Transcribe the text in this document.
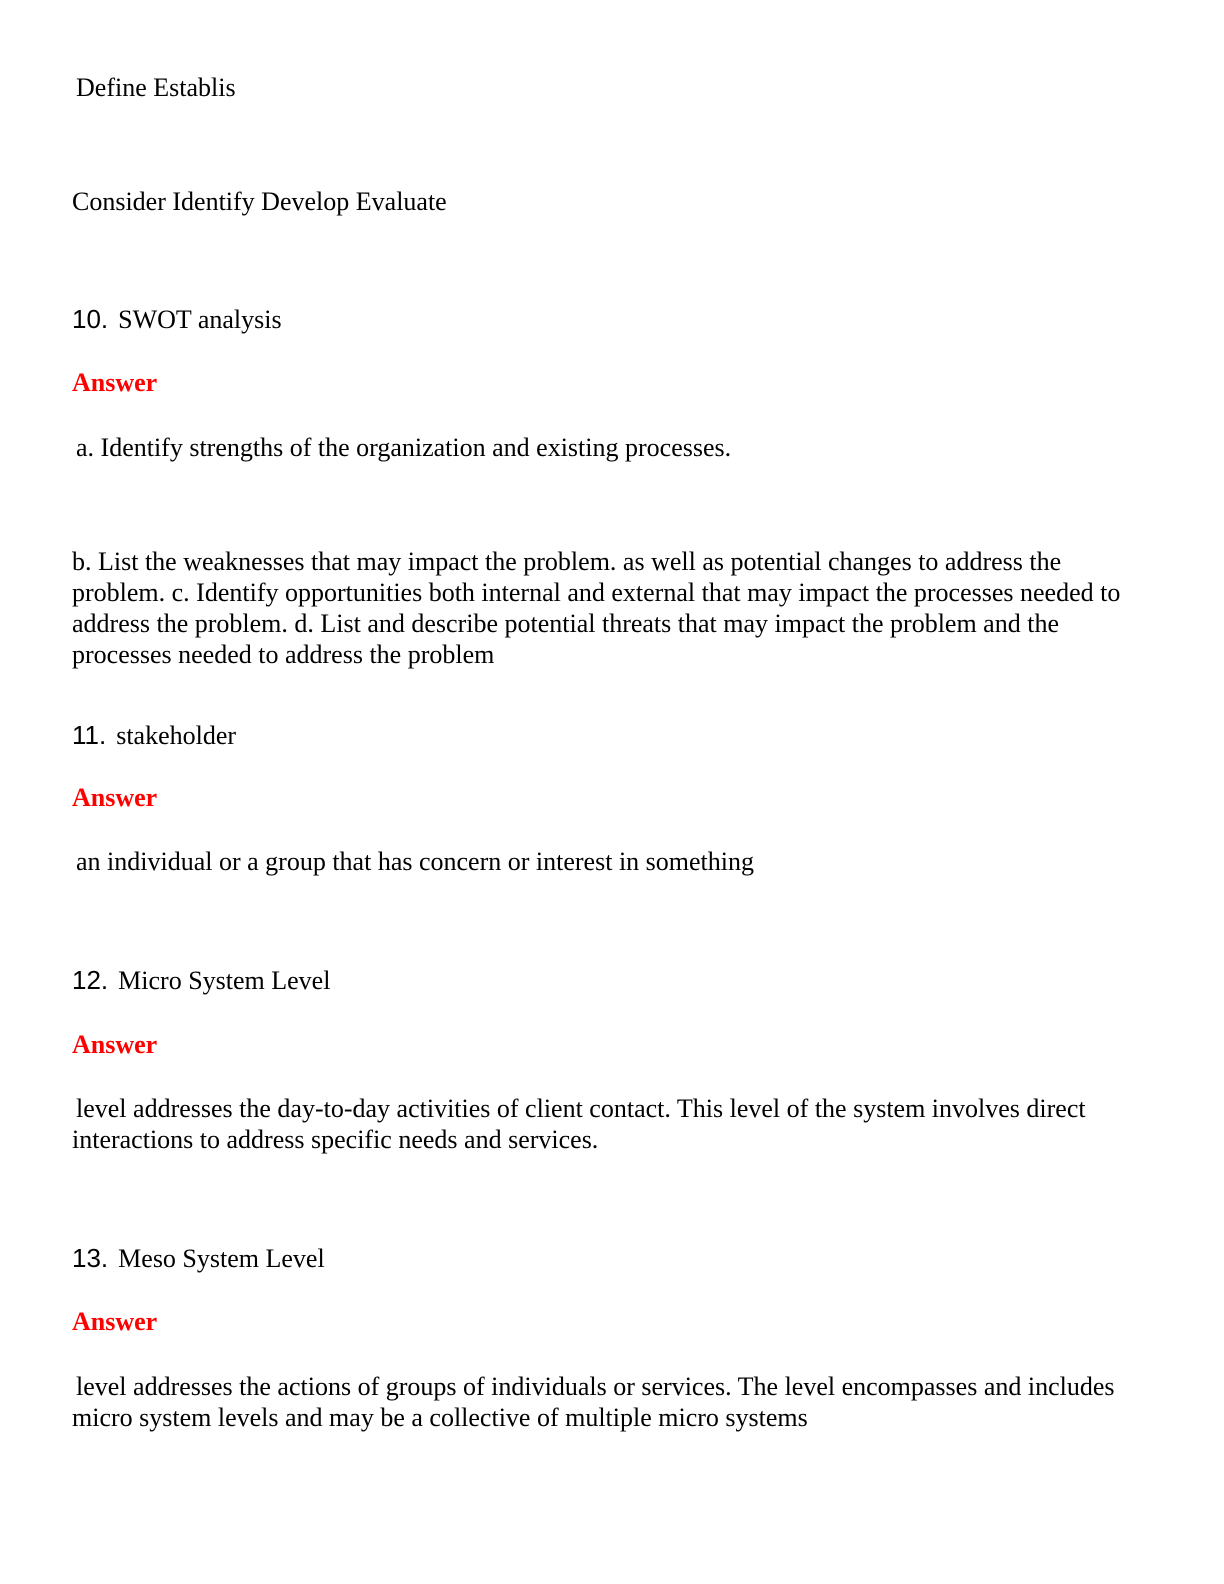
Define Establis
Consider Identify Develop Evaluate
10. SWOT analysis
Answer
a. Identify strengths of the organization and existing processes.
b. List the weaknesses that may impact the problem. as well as potential changes to address the problem. c. Identify opportunities both internal and external that may impact the processes needed to address the problem. d. List and describe potential threats that may impact the problem and the processes needed to address the problem
11. stakeholder
Answer
an individual or a group that has concern or interest in something
12. Micro System Level
Answer
level addresses the day-to-day activities of client contact. This level of the system involves direct interactions to address specific needs and services.
13. Meso System Level
Answer
level addresses the actions of groups of individuals or services. The level encompasses and includes micro system levels and may be a collective of multiple micro systems
